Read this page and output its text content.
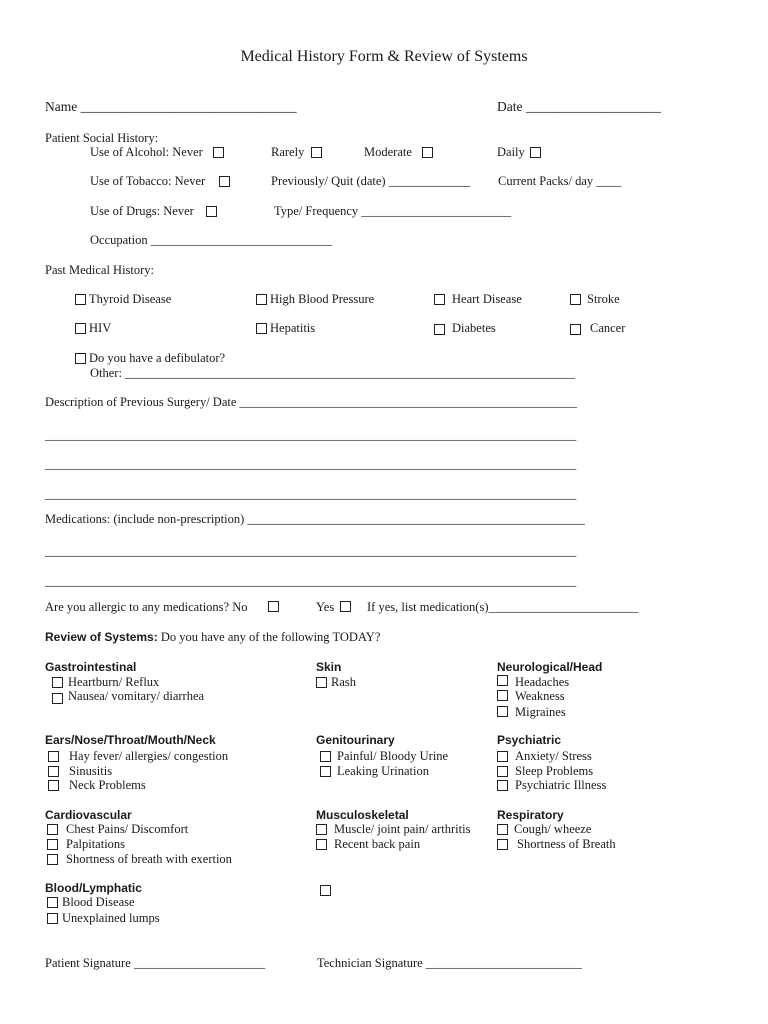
Medical History Form & Review of Systems
Name ________________________________	Date ____________________
Patient Social History:
Use of Alcohol: Never	Rarely	Moderate	Daily
Use of Tobacco: Never	Previously/ Quit (date) _____________ Current Packs/ day ____
Use of Drugs: Never	Type/ Frequency ________________________
Occupation _____________________________
Past Medical History:
Thyroid Disease	High Blood Pressure	Heart Disease	Stroke
HIV	Hepatitis	Diabetes	Cancer
Do you have a defibulator?
Other: ________________________________________________________________________
Description of Previous Surgery/ Date ______________________________________________________
_____________________________________________________________________________________
_____________________________________________________________________________________
_____________________________________________________________________________________
Medications: (include non-prescription) ______________________________________________________
_____________________________________________________________________________________
_____________________________________________________________________________________
Are you allergic to any medications? No	Yes	If yes, list medication(s)________________________
Review of Systems: Do you have any of the following TODAY?
Gastrointestinal
Heartburn/ Reflux
Nausea/ vomitary/ diarrhea
Ears/Nose/Throat/Mouth/Neck
Hay fever/ allergies/ congestion
Sinusitis
Neck Problems
Cardiovascular
Chest Pains/ Discomfort
Palpitations
Shortness of breath with exertion
Blood/Lymphatic
Blood Disease
Unexplained lumps
Skin
Rash
Genitourinary
Painful/ Bloody Urine
Leaking Urination
Musculoskeletal
Muscle/ joint pain/ arthritis
Recent back pain
Neurological/Head
Headaches
Weakness
Migraines
Psychiatric
Anxiety/ Stress
Sleep Problems
Psychiatric Illness
Respiratory
Cough/ wheeze
Shortness of Breath
Patient Signature _____________________	Technician Signature _________________________
